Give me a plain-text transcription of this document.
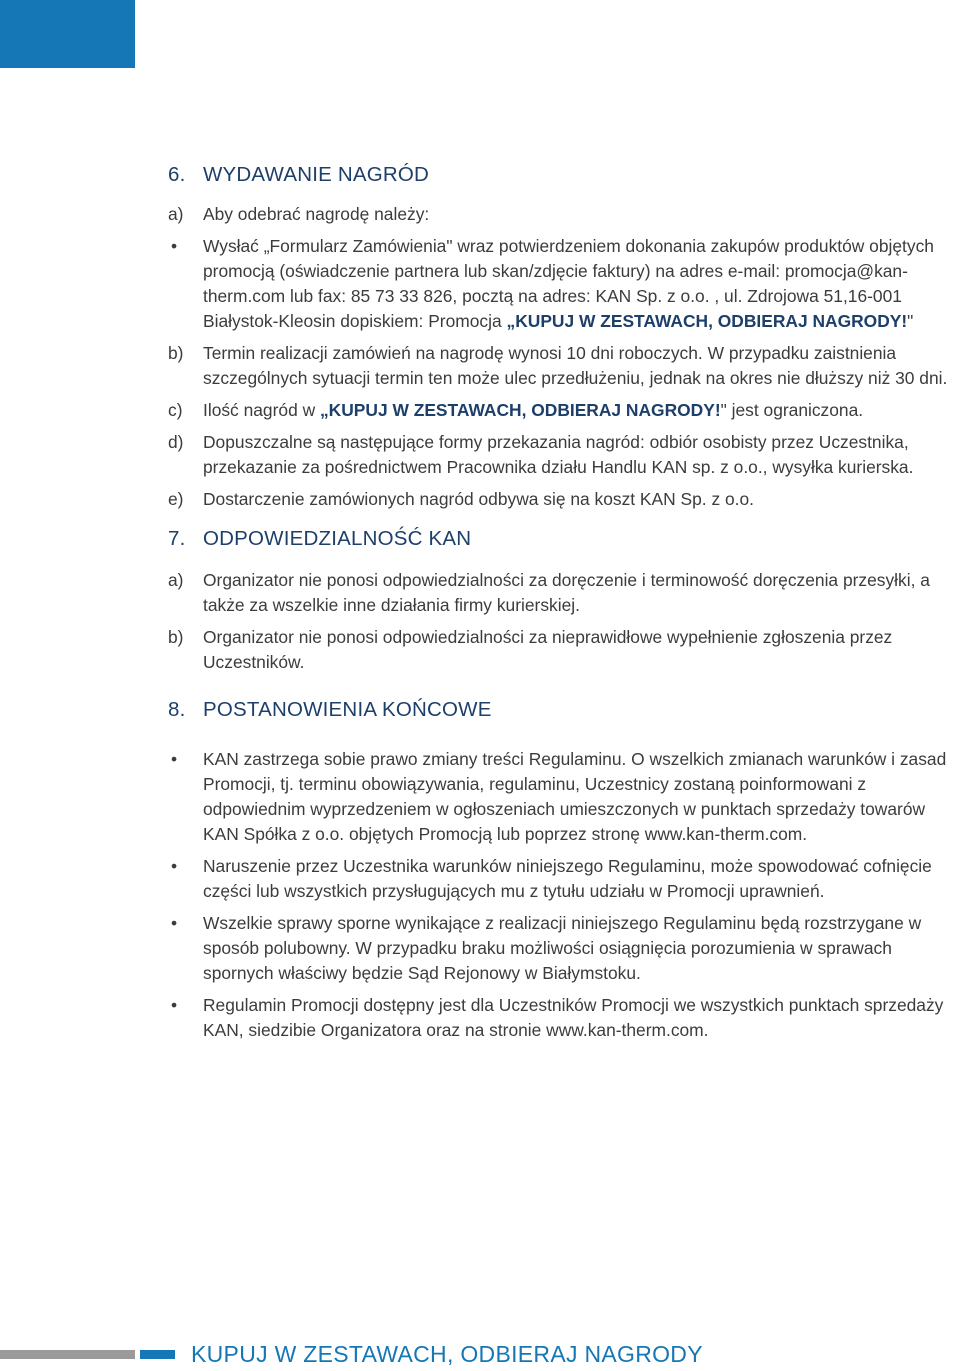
6. WYDAWANIE NAGRÓD
a) Aby odebrać nagrodę należy:
• Wysłać „Formularz Zamówienia" wraz potwierdzeniem dokonania zakupów produktów objętych promocją (oświadczenie partnera lub skan/zdjęcie faktury) na adres e-mail: promocja@kan-therm.com lub fax: 85 73 33 826, pocztą na adres: KAN Sp. z o.o. , ul. Zdrojowa 51,16-001 Białystok-Kleosin dopiskiem: Promocja „KUPUJ W ZESTAWACH, ODBIERAJ NAGRODY!"
b) Termin realizacji zamówień na nagrodę wynosi 10 dni roboczych. W przypadku zaistnienia szczególnych sytuacji termin ten może ulec przedłużeniu, jednak na okres nie dłuższy niż 30 dni.
c) Ilość nagród w „KUPUJ W ZESTAWACH, ODBIERAJ NAGRODY!" jest ograniczona.
d) Dopuszczalne są następujące formy przekazania nagród: odbiór osobisty przez Uczestnika, przekazanie za pośrednictwem Pracownika działu Handlu KAN sp. z o.o., wysyłka kurierska.
e) Dostarczenie zamówionych nagród odbywa się na koszt KAN Sp. z o.o.
7. ODPOWIEDZIALNOŚĆ KAN
a) Organizator nie ponosi odpowiedzialności za doręczenie i terminowość doręczenia przesyłki, a także za wszelkie inne działania firmy kurierskiej.
b) Organizator nie ponosi odpowiedzialności za nieprawidłowe wypełnienie zgłoszenia przez Uczestników.
8. POSTANOWIENIA KOŃCOWE
• KAN zastrzega sobie prawo zmiany treści Regulaminu. O wszelkich zmianach warunków i zasad Promocji, tj. terminu obowiązywania, regulaminu, Uczestnicy zostaną poinformowani z odpowiednim wyprzedzeniem w ogłoszeniach umieszczonych w punktach sprzedaży towarów KAN Spółka z o.o. objętych Promocją lub poprzez stronę www.kan-therm.com.
• Naruszenie przez Uczestnika warunków niniejszego Regulaminu, może spowodować cofnięcie części lub wszystkich przysługujących mu z tytułu udziału w Promocji uprawnień.
• Wszelkie sprawy sporne wynikające z realizacji niniejszego Regulaminu będą rozstrzygane w sposób polubowny. W przypadku braku możliwości osiągnięcia porozumienia w sprawach spornych właściwy będzie Sąd Rejonowy w Białymstoku.
• Regulamin Promocji dostępny jest dla Uczestników Promocji we wszystkich punktach sprzedaży KAN, siedzibie Organizatora oraz na stronie www.kan-therm.com.
KUPUJ W ZESTAWACH, ODBIERAJ NAGRODY
